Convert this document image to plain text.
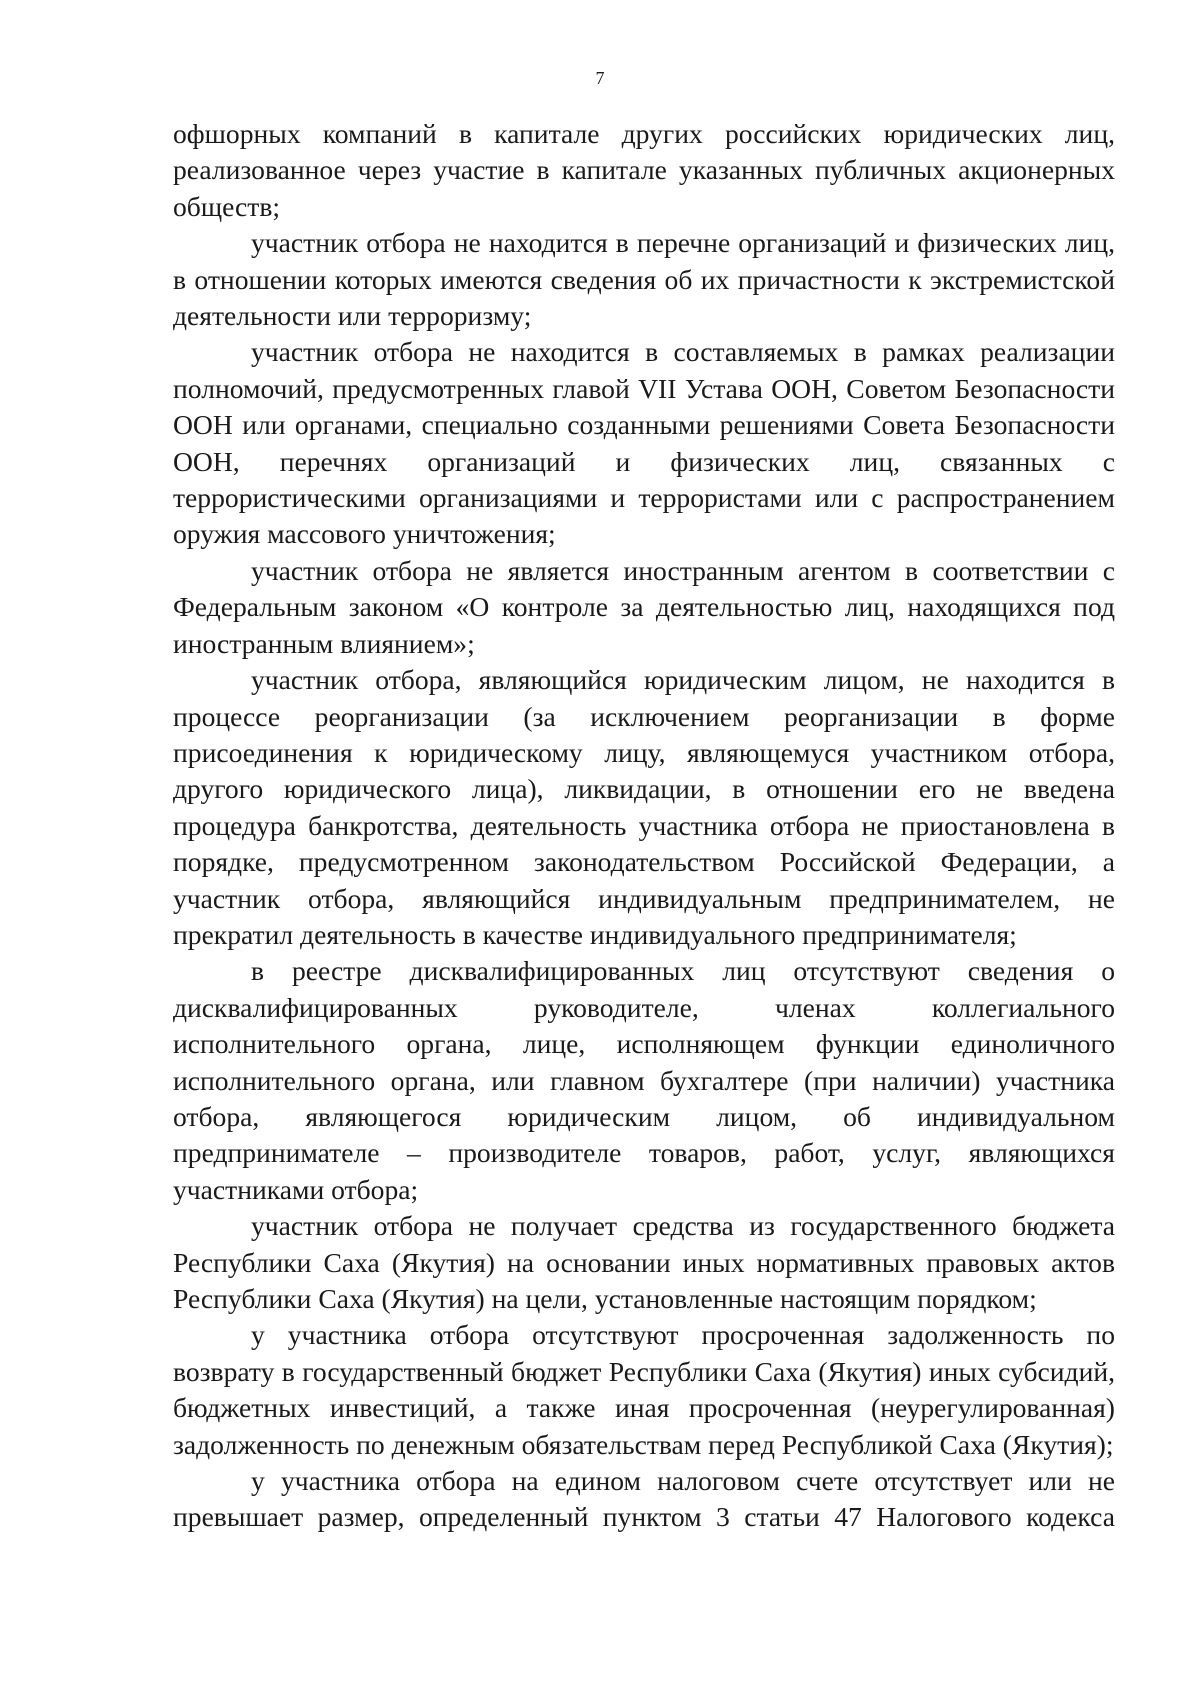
7

офшорных компаний в капитале других российских юридических лиц, реализованное через участие в капитале указанных публичных акционерных обществ;

участник отбора не находится в перечне организаций и физических лиц, в отношении которых имеются сведения об их причастности к экстремистской деятельности или терроризму;

участник отбора не находится в составляемых в рамках реализации полномочий, предусмотренных главой VII Устава ООН, Советом Безопасности ООН или органами, специально созданными решениями Совета Безопасности ООН, перечнях организаций и физических лиц, связанных с террористическими организациями и террористами или с распространением оружия массового уничтожения;

участник отбора не является иностранным агентом в соответствии с Федеральным законом «О контроле за деятельностью лиц, находящихся под иностранным влиянием»;

участник отбора, являющийся юридическим лицом, не находится в процессе реорганизации (за исключением реорганизации в форме присоединения к юридическому лицу, являющемуся участником отбора, другого юридического лица), ликвидации, в отношении его не введена процедура банкротства, деятельность участника отбора не приостановлена в порядке, предусмотренном законодательством Российской Федерации, а участник отбора, являющийся индивидуальным предпринимателем, не прекратил деятельность в качестве индивидуального предпринимателя;

в реестре дисквалифицированных лиц отсутствуют сведения о дисквалифицированных руководителе, членах коллегиального исполнительного органа, лице, исполняющем функции единоличного исполнительного органа, или главном бухгалтере (при наличии) участника отбора, являющегося юридическим лицом, об индивидуальном предпринимателе – производителе товаров, работ, услуг, являющихся участниками отбора;

участник отбора не получает средства из государственного бюджета Республики Саха (Якутия) на основании иных нормативных правовых актов Республики Саха (Якутия) на цели, установленные настоящим порядком;

у участника отбора отсутствуют просроченная задолженность по возврату в государственный бюджет Республики Саха (Якутия) иных субсидий, бюджетных инвестиций, а также иная просроченная (неурегулированная) задолженность по денежным обязательствам перед Республикой Саха (Якутия);

у участника отбора на едином налоговом счете отсутствует или не превышает размер, определенный пунктом 3 статьи 47 Налогового кодекса
